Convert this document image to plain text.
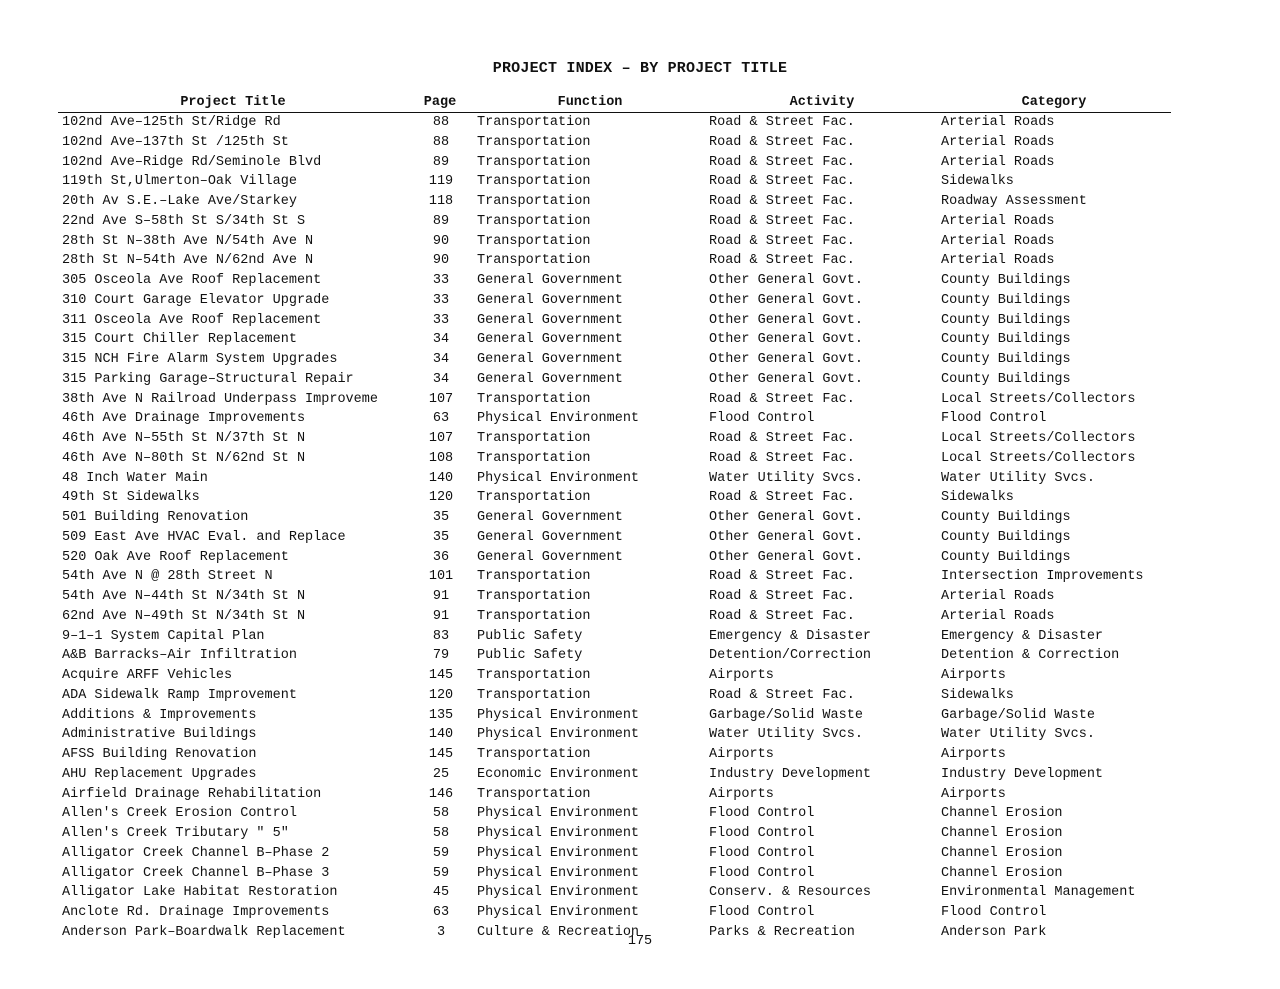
PROJECT INDEX – BY PROJECT TITLE
Project Title	Page	Function	Activity	Category
102nd Ave–125th St/Ridge Rd	88	Transportation	Road & Street Fac.	Arterial Roads
102nd Ave–137th St /125th St	88	Transportation	Road & Street Fac.	Arterial Roads
102nd Ave–Ridge Rd/Seminole Blvd	89	Transportation	Road & Street Fac.	Arterial Roads
119th St,Ulmerton–Oak Village	119	Transportation	Road & Street Fac.	Sidewalks
20th Av S.E.–Lake Ave/Starkey	118	Transportation	Road & Street Fac.	Roadway Assessment
22nd Ave S–58th St S/34th St S	89	Transportation	Road & Street Fac.	Arterial Roads
28th St N–38th Ave N/54th Ave N	90	Transportation	Road & Street Fac.	Arterial Roads
28th St N–54th Ave N/62nd Ave N	90	Transportation	Road & Street Fac.	Arterial Roads
305 Osceola Ave Roof Replacement	33	General Government	Other General Govt.	County Buildings
310 Court Garage Elevator Upgrade	33	General Government	Other General Govt.	County Buildings
311 Osceola Ave Roof Replacement	33	General Government	Other General Govt.	County Buildings
315 Court Chiller Replacement	34	General Government	Other General Govt.	County Buildings
315 NCH Fire Alarm System Upgrades	34	General Government	Other General Govt.	County Buildings
315 Parking Garage–Structural Repair	34	General Government	Other General Govt.	County Buildings
38th Ave N Railroad Underpass Improveme	107	Transportation	Road & Street Fac.	Local Streets/Collectors
46th Ave Drainage Improvements	63	Physical Environment	Flood Control	Flood Control
46th Ave N–55th St N/37th St N	107	Transportation	Road & Street Fac.	Local Streets/Collectors
46th Ave N–80th St N/62nd St N	108	Transportation	Road & Street Fac.	Local Streets/Collectors
48 Inch Water Main	140	Physical Environment	Water Utility Svcs.	Water Utility Svcs.
49th St Sidewalks	120	Transportation	Road & Street Fac.	Sidewalks
501 Building Renovation	35	General Government	Other General Govt.	County Buildings
509 East Ave HVAC Eval. and Replace	35	General Government	Other General Govt.	County Buildings
520 Oak Ave Roof Replacement	36	General Government	Other General Govt.	County Buildings
54th Ave N @ 28th Street N	101	Transportation	Road & Street Fac.	Intersection Improvements
54th Ave N–44th St N/34th St N	91	Transportation	Road & Street Fac.	Arterial Roads
62nd Ave N–49th St N/34th St N	91	Transportation	Road & Street Fac.	Arterial Roads
9–1–1 System Capital Plan	83	Public Safety	Emergency & Disaster	Emergency & Disaster
A&B Barracks–Air Infiltration	79	Public Safety	Detention/Correction	Detention & Correction
Acquire ARFF Vehicles	145	Transportation	Airports	Airports
ADA Sidewalk Ramp Improvement	120	Transportation	Road & Street Fac.	Sidewalks
Additions & Improvements	135	Physical Environment	Garbage/Solid Waste	Garbage/Solid Waste
Administrative Buildings	140	Physical Environment	Water Utility Svcs.	Water Utility Svcs.
AFSS Building Renovation	145	Transportation	Airports	Airports
AHU Replacement Upgrades	25	Economic Environment	Industry Development	Industry Development
Airfield Drainage Rehabilitation	146	Transportation	Airports	Airports
Allen's Creek Erosion Control	58	Physical Environment	Flood Control	Channel Erosion
Allen's Creek Tributary " 5"	58	Physical Environment	Flood Control	Channel Erosion
Alligator Creek Channel B–Phase 2	59	Physical Environment	Flood Control	Channel Erosion
Alligator Creek Channel B–Phase 3	59	Physical Environment	Flood Control	Channel Erosion
Alligator Lake Habitat Restoration	45	Physical Environment	Conserv. & Resources	Environmental Management
Anclote Rd. Drainage Improvements	63	Physical Environment	Flood Control	Flood Control
Anderson Park–Boardwalk Replacement	3	Culture & Recreation	Parks & Recreation	Anderson Park
175
